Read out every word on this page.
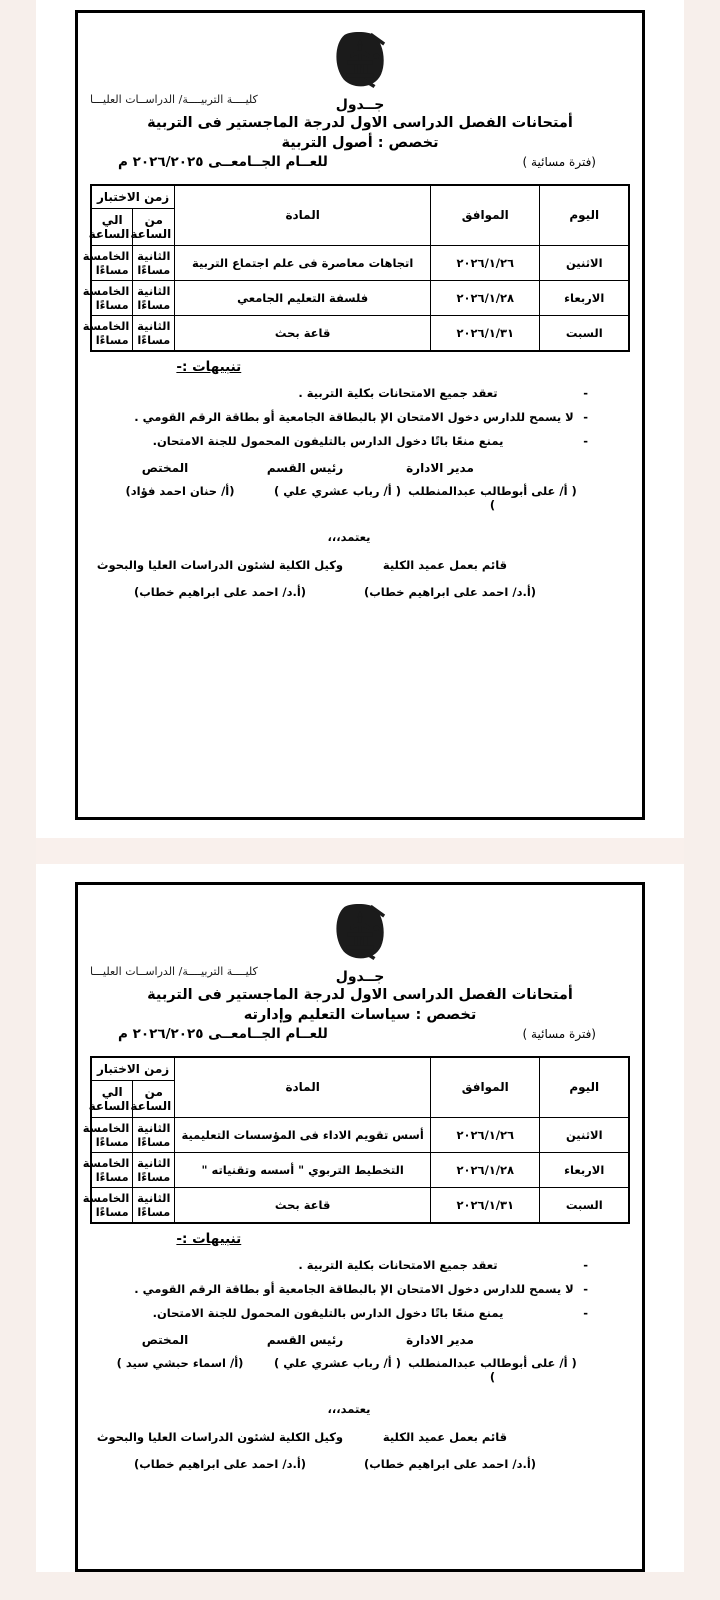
كليــــة التربيــــة/ الدراســات العليـــا	جــدول
أمتحانات الفصل الدراسى الاول لدرجة الماجستير فى التربية
تخصص : أصول التربية
للعــام الجــامعــى ٢٠٢٦/٢٠٢٥ م	(فترة مسائية )
اليوم	الموافق	المادة	زمن الاختبار	
			من الساعة	الي الساعة
الاثنين	٢٠٢٦/١/٢٦	اتجاهات معاصرة فى علم اجتماع التربية	الثانية مساءًا	الخامسة مساءًا
الاربعاء	٢٠٢٦/١/٢٨	فلسفة التعليم الجامعي	الثانية مساءًا	الخامسة مساءًا
السبت	٢٠٢٦/١/٣١	قاعة بحث	الثانية مساءًا	الخامسة مساءًا
تنبيهات :-
-
تعقد جميع الامتحانات بكلية التربية .
-
لا يسمح للدارس دخول الامتحان الإ بالبطاقة الجامعية أو بطاقة الرقم القومي .
-
يمنع منعًا باتًا دخول الدارس بالتليفون المحمول للجنة الامتحان.
المختص	رئيس القسم	مدير الادارة
(أ/ حنان احمد فؤاد)	( أ/ رباب عشري علي ) ( أ/ على أبوطالب عبدالمنطلب )
يعتمد،،،
وكيل الكلية لشئون الدراسات العليا والبحوث	قائم بعمل عميد الكلية
(أ.د/ احمد على ابراهيم خطاب)	(أ.د/ احمد على ابراهيم خطاب)
كليــــة التربيــــة/ الدراســات العليـــا	جــدول
أمتحانات الفصل الدراسى الاول لدرجة الماجستير فى التربية
تخصص : سياسات التعليم وإدارته
للعــام الجــامعــى ٢٠٢٦/٢٠٢٥ م	(فترة مسائية )
اليوم	الموافق	المادة	زمن الاختبار	
			من الساعة	الي الساعة
الاثنين	٢٠٢٦/١/٢٦	أسس تقويم الاداء فى المؤسسات التعليمية	الثانية مساءًا	الخامسة مساءًا
الاربعاء	٢٠٢٦/١/٢٨	التخطيط التربوي " أسسه وتقنياته "	الثانية مساءًا	الخامسة مساءًا
السبت	٢٠٢٦/١/٣١	قاعة بحث	الثانية مساءًا	الخامسة مساءًا
تنبيهات :-
-
تعقد جميع الامتحانات بكلية التربية .
-
لا يسمح للدارس دخول الامتحان الإ بالبطاقة الجامعية أو بطاقة الرقم القومي .
-
يمنع منعًا باتًا دخول الدارس بالتليفون المحمول للجنة الامتحان.
المختص	رئيس القسم	مدير الادارة
(أ/ اسماء حبشي سيد )	( أ/ رباب عشري علي ) ( أ/ على أبوطالب عبدالمنطلب )
يعتمد،،،
وكيل الكلية لشئون الدراسات العليا والبحوث	قائم بعمل عميد الكلية
(أ.د/ احمد على ابراهيم خطاب)	(أ.د/ احمد على ابراهيم خطاب)
